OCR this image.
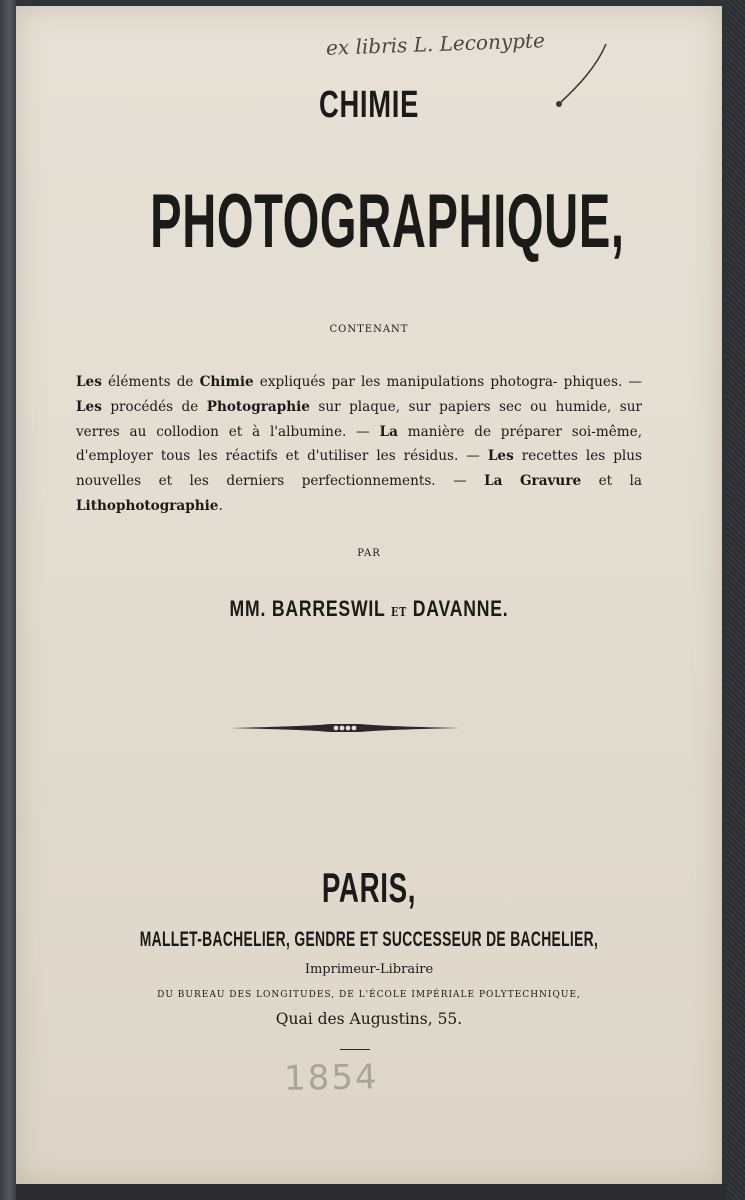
ex libris L. Leconypte
CHIMIE
PHOTOGRAPHIQUE,
CONTENANT
Les éléments de Chimie expliqués par les manipulations photogra- phiques. — Les procédés de Photographie sur plaque, sur papiers sec ou humide, sur verres au collodion et à l'albumine. — La manière de préparer soi-même, d'employer tous les réactifs et d'utiliser les résidus. — Les recettes les plus nouvelles et les derniers perfectionnements. — La Gravure et la Lithophotographie.
PAR
MM. BARRESWIL ET DAVANNE.
PARIS,
MALLET-BACHELIER, GENDRE ET SUCCESSEUR DE BACHELIER,
Imprimeur-Libraire
DU BUREAU DES LONGITUDES, DE L'ÉCOLE IMPÉRIALE POLYTECHNIQUE,
Quai des Augustins, 55.
1854
